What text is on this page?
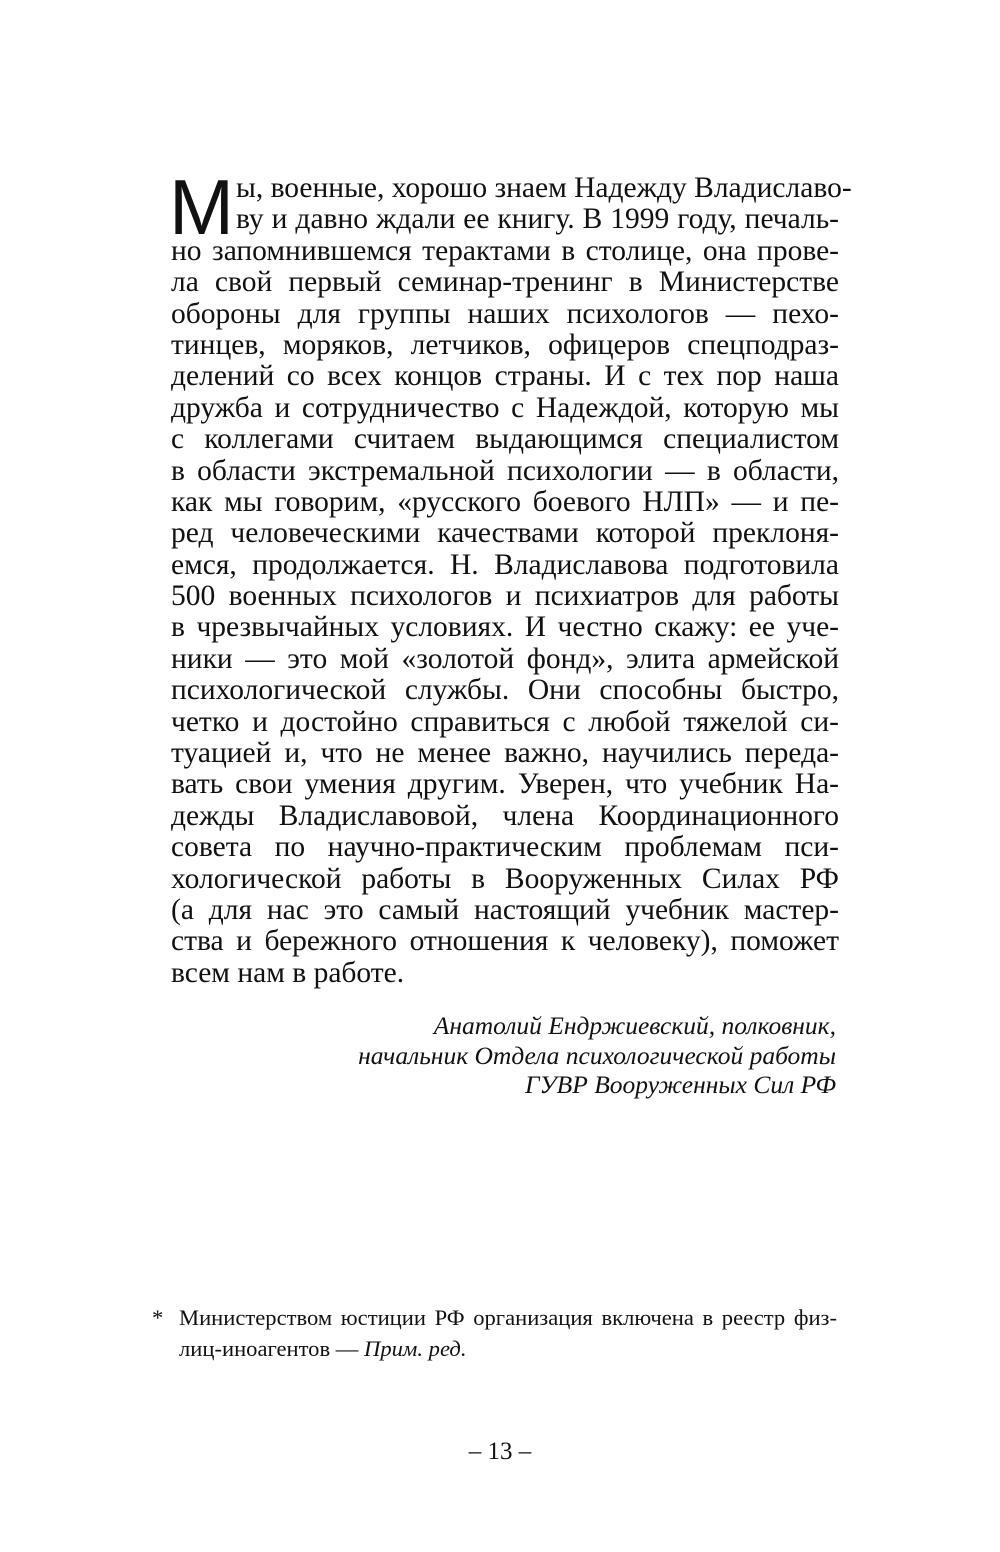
М ы, военные, хорошо знаем Надежду Владиславо-
ву и давно ждали ее книгу. В 1999 году, печаль-
но запомнившемся терактами в столице, она прове-
ла свой первый семинар-тренинг в Министерстве
обороны для группы наших психологов — пехо-
тинцев, моряков, летчиков, офицеров спецподраз-
делений со всех концов страны. И с тех пор наша
дружба и сотрудничество с Надеждой, которую мы
с коллегами считаем выдающимся специалистом
в области экстремальной психологии — в области,
как мы говорим, «русского боевого НЛП» — и пе-
ред человеческими качествами которой преклоня-
емся, продолжается. Н. Владиславова подготовила
500 военных психологов и психиатров для работы
в чрезвычайных условиях. И честно скажу: ее уче-
ники — это мой «золотой фонд», элита армейской
психологической службы. Они способны быстро,
четко и достойно справиться с любой тяжелой си-
туацией и, что не менее важно, научились переда-
вать свои умения другим. Уверен, что учебник На-
дежды Владиславовой, члена Координационного
совета по научно-практическим проблемам пси-
хологической работы в Вооруженных Силах РФ
(а для нас это самый настоящий учебник мастер-
ства и бережного отношения к человеку), поможет
всем нам в работе.
Анатолий Ендржиевский, полковник,
начальник Отдела психологической работы
ГУВР Вооруженных Сил РФ
* Министерством юстиции РФ организация включена в реестр физ-
лиц-иноагентов — Прим. ред.
– 13 –
